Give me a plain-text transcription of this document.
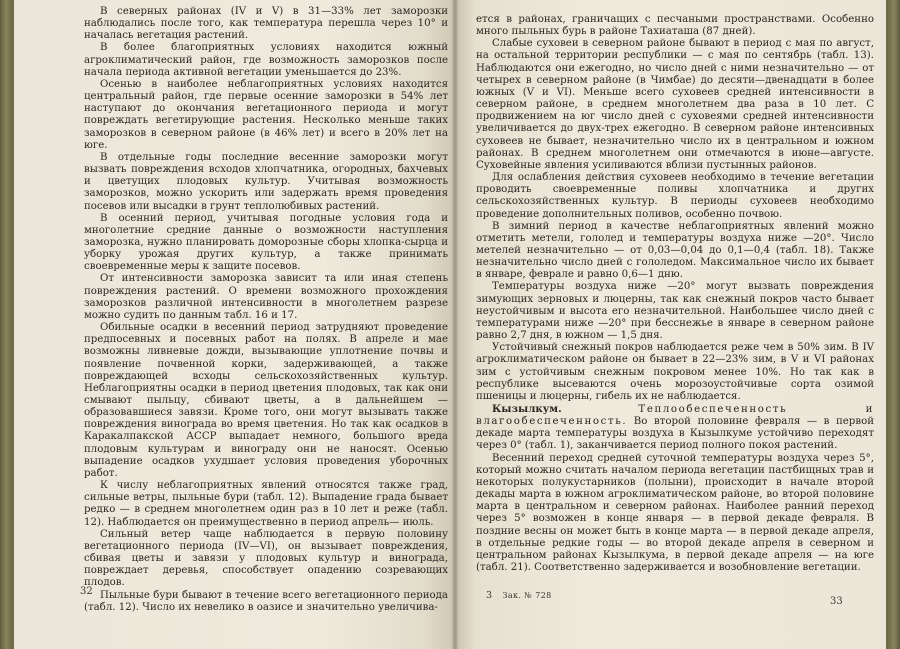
В северных районах (IV и V) в 31—33% лет заморозки наблюдались после того, как температура перешла через 10° и началась вегетация растений.

В более благоприятных условиях находится южный агроклиматический район, где возможность заморозков после начала периода активной вегетации уменьшается до 23%.

Осенью в наиболее неблагоприятных условиях находится центральный район, где первые осенние заморозки в 54% лет наступают до окончания вегетационного периода и могут повреждать вегетирующие растения. Несколько меньше таких заморозков в северном районе (в 46% лет) и всего в 20% лет на юге.

В отдельные годы последние весенние заморозки могут вызвать повреждения всходов хлопчатника, огородных, бахчевых и цветущих плодовых культур. Учитывая возможность заморозков, можно ускорить или задержать время проведения посевов или высадки в грунт теплолюбивых растений.

В осенний период, учитывая погодные условия года и многолетние средние данные о возможности наступления заморозка, нужно планировать доморозные сборы хлопка-сырца и уборку урожая других культур, а также принимать своевременные меры к защите посевов.

От интенсивности заморозка зависит та или иная степень повреждения растений. О времени возможного прохождения заморозков различной интенсивности в многолетнем разрезе можно судить по данным табл. 16 и 17.

Обильные осадки в весенний период затрудняют проведение предпосевных и посевных работ на полях. В апреле и мае возможны ливневые дожди, вызывающие уплотнение почвы и появление почвенной корки, задерживающей, а также повреждающей всходы сельскохозяйственных культур. Неблагоприятны осадки в период цветения плодовых, так как они смывают пыльцу, сбивают цветы, а в дальнейшем — образовавшиеся завязи. Кроме того, они могут вызывать также повреждения винограда во время цветения. Но так как осадков в Каракалпакской АССР выпадает немного, большого вреда плодовым культурам и винограду они не наносят. Осенью выпадение осадков ухудшает условия проведения уборочных работ.

К числу неблагоприятных явлений относятся также град, сильные ветры, пыльные бури (табл. 12). Выпадение града бывает редко — в среднем многолетнем один раз в 10 лет и реже (табл. 12). Наблюдается он преимущественно в период апрель— июль.

Сильный ветер чаще наблюдается в первую половину вегетационного периода (IV—VI), он вызывает повреждения, сбивая цветы и завязи у плодовых культур и винограда, повреждает деревья, способствует опадению созревающих плодов.

Пыльные бури бывают в течение всего вегетационного периода (табл. 12). Число их невелико в оазисе и значительно увеличива-

32

ется в районах, граничащих с песчаными пространствами. Особенно много пыльных бурь в районе Тахиаташа (87 дней).

Слабые суховеи в северном районе бывают в период с мая по август, на остальной территории республики — с мая по сентябрь (табл. 13). Наблюдаются они ежегодно, но число дней с ними незначительно — от четырех в северном районе (в Чимбае) до десяти—двенадцати в более южных (V и VI). Меньше всего суховеев средней интенсивности в северном районе, в среднем многолетнем два раза в 10 лет. С продвижением на юг число дней с суховеями средней интенсивности увеличивается до двух-трех ежегодно. В северном районе интенсивных суховеев не бывает, незначительно число их в центральном и южном районах. В среднем многолетнем они отмечаются в июне—августе. Суховейные явления усиливаются вблизи пустынных районов.

Для ослабления действия суховеев необходимо в течение вегетации проводить своевременные поливы хлопчатника и других сельскохозяйственных культур. В периоды суховеев необходимо проведение дополнительных поливов, особенно почвою.

В зимний период в качестве неблагоприятных явлений можно отметить метели, гололед и температуры воздуха ниже —20°. Число метелей незначительно — от 0,03—0,04 до 0,1—0,4 (табл. 18). Также незначительно число дней с гололедом. Максимальное число их бывает в январе, феврале и равно 0,6—1 дню.

Температуры воздуха ниже —20° могут вызвать повреждения зимующих зерновых и люцерны, так как снежный покров часто бывает неустойчивым и высота его незначительной. Наибольшее число дней с температурами ниже —20° при бесснежье в январе в северном районе равно 2,7 дня, в южном — 1,5 дня.

Устойчивый снежный покров наблюдается реже чем в 50% зим. В IV агроклиматическом районе он бывает в 22—23% зим, в V и VI районах зим с устойчивым снежным покровом менее 10%. Но так как в республике высеваются очень морозоустойчивые сорта озимой пшеницы и люцерны, гибель их не наблюдается.

Кызылкум.	Теплообеспеченность и влагообеспеченность. Во второй половине февраля — в первой декаде марта температуры воздуха в Кызылкуме устойчиво переходят через 0° (табл. 1), заканчивается период полного покоя растений.

Весенний переход средней суточной температуры воздуха через 5°, который можно считать началом периода вегетации пастбищных трав и некоторых полукустарников (полыни), происходит в начале второй декады марта в южном агроклиматическом районе, во второй половине марта в центральном и северном районах. Наиболее ранний переход через 5° возможен в конце января — в первой декаде февраля. В поздние весны он может быть в конце марта — в первой декаде апреля, в отдельные редкие годы — во второй декаде апреля в северном и центральном районах Кызылкума, в первой декаде апреля — на юге (табл. 21). Соответственно задерживается и возобновление вегетации.

3 Зак. № 728
33
